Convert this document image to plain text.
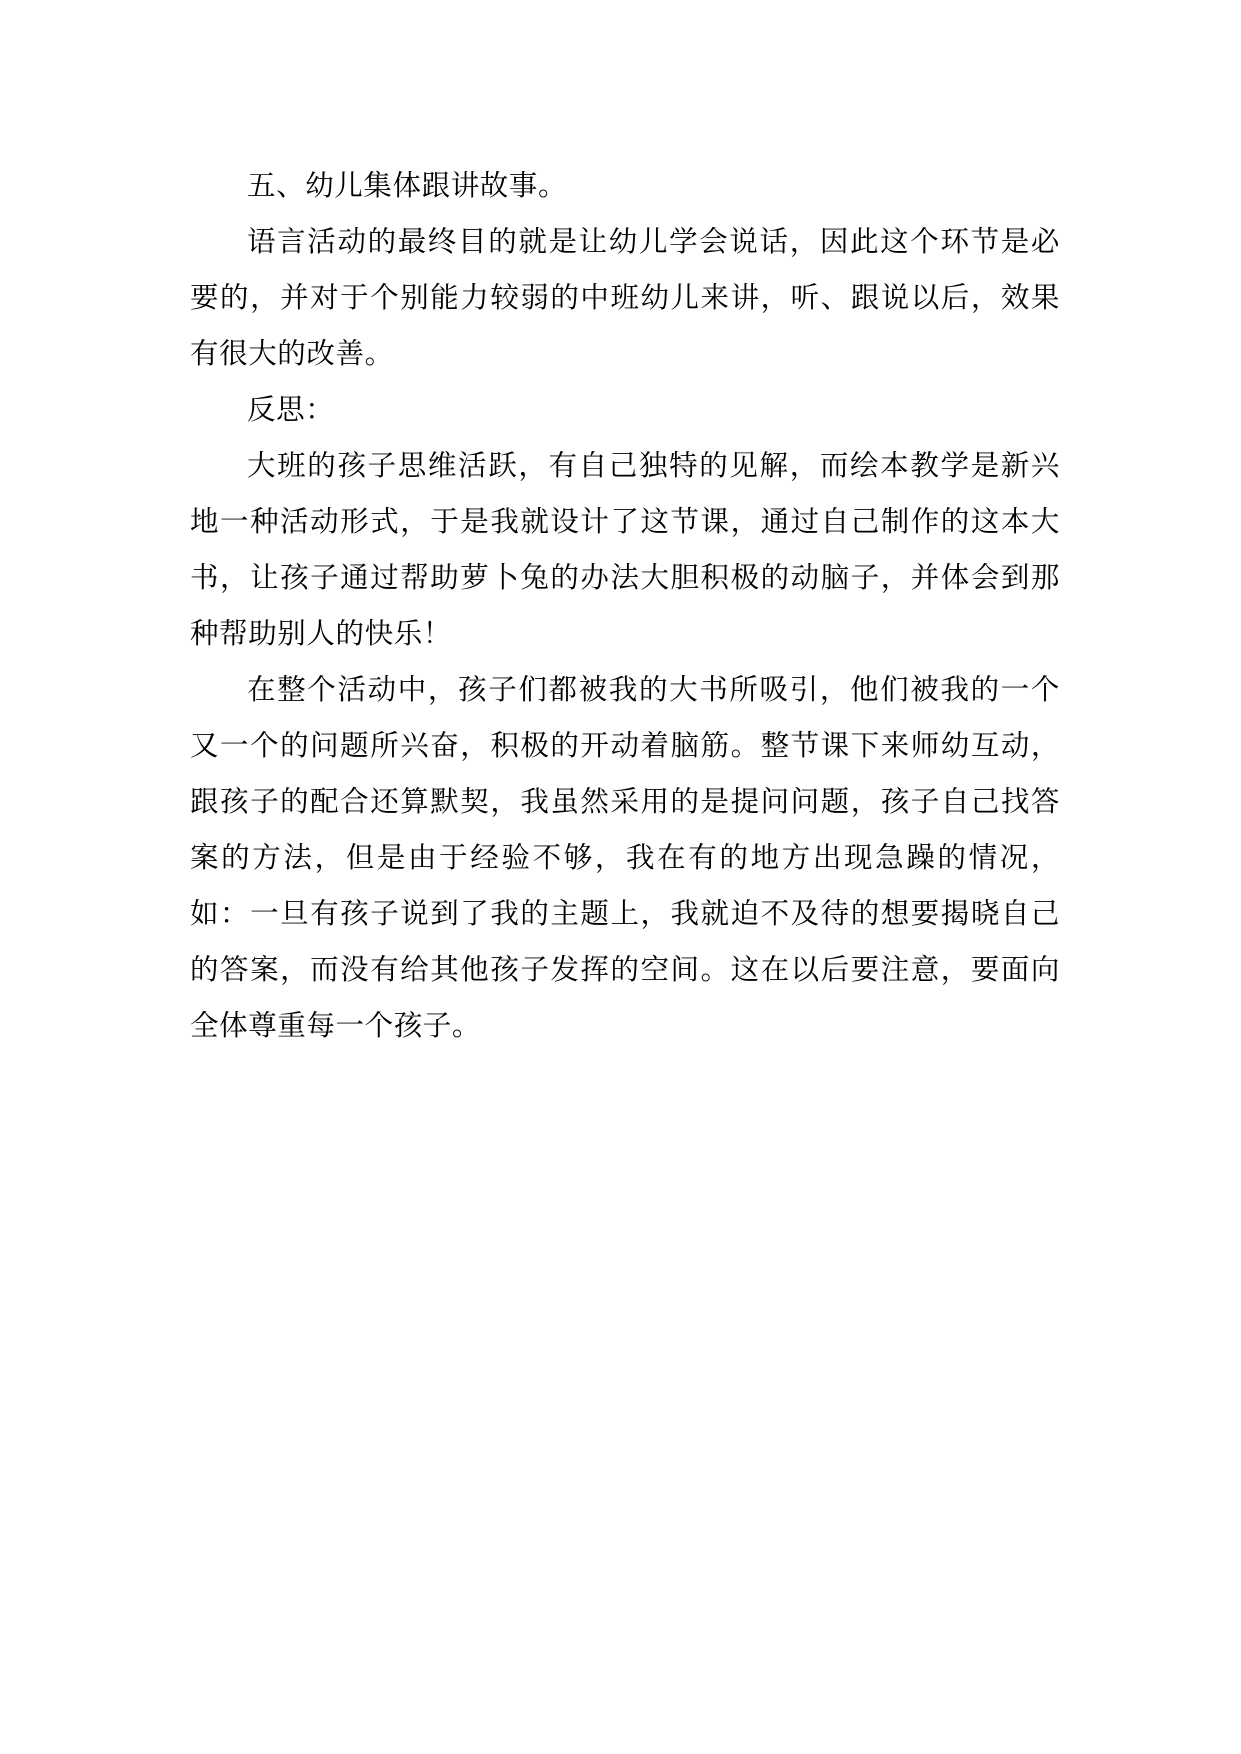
五、幼儿集体跟讲故事。

语言活动的最终目的就是让幼儿学会说话，因此这个环节是必要的，并对于个别能力较弱的中班幼儿来讲，听、跟说以后，效果有很大的改善。

反思：

大班的孩子思维活跃，有自己独特的见解，而绘本教学是新兴地一种活动形式，于是我就设计了这节课，通过自己制作的这本大书，让孩子通过帮助萝卜兔的办法大胆积极的动脑子，并体会到那种帮助别人的快乐！

在整个活动中，孩子们都被我的大书所吸引，他们被我的一个又一个的问题所兴奋，积极的开动着脑筋。整节课下来师幼互动，跟孩子的配合还算默契，我虽然采用的是提问问题，孩子自己找答案的方法，但是由于经验不够，我在有的地方出现急躁的情况，如：一旦有孩子说到了我的主题上，我就迫不及待的想要揭晓自己的答案，而没有给其他孩子发挥的空间。这在以后要注意，要面向全体尊重每一个孩子。
